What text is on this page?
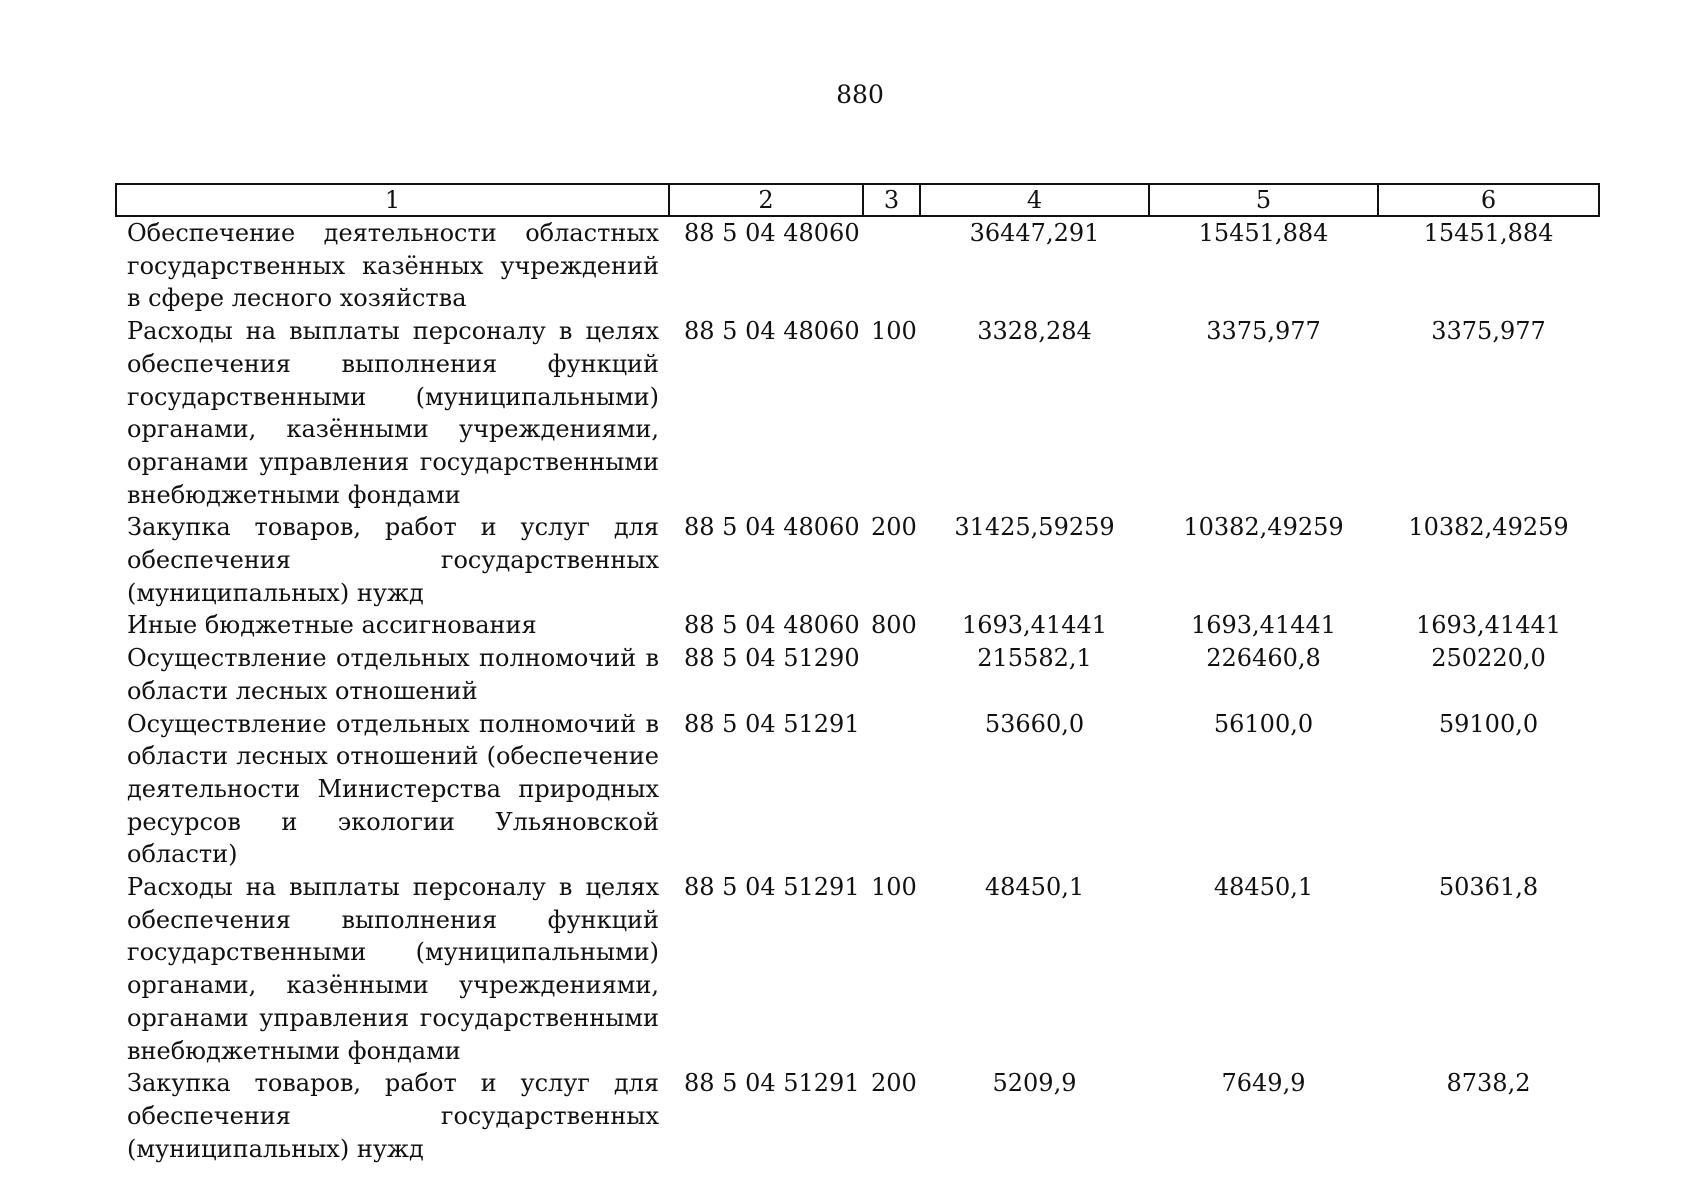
880
1	2	3	4	5	6
Обеспечение деятельности областных государственных казённых учреждений в сфере лесного хозяйства	88 5 04 48060		36447,291	15451,884	15451,884
Расходы на выплаты персоналу в целях обеспечения выполнения функций государственными (муниципальными) органами, казёнными учреждениями, органами управления государственными внебюджетными фондами	88 5 04 48060	100	3328,284	3375,977	3375,977
Закупка товаров, работ и услуг для обеспечения государственных (муниципальных) нужд	88 5 04 48060	200	31425,59259	10382,49259	10382,49259
Иные бюджетные ассигнования	88 5 04 48060	800	1693,41441	1693,41441	1693,41441
Осуществление отдельных полномочий в области лесных отношений	88 5 04 51290		215582,1	226460,8	250220,0
Осуществление отдельных полномочий в области лесных отношений (обеспечение деятельности Министерства природных ресурсов и экологии Ульяновской области)	88 5 04 51291		53660,0	56100,0	59100,0
Расходы на выплаты персоналу в целях обеспечения выполнения функций государственными (муниципальными) органами, казёнными учреждениями, органами управления государственными внебюджетными фондами	88 5 04 51291	100	48450,1	48450,1	50361,8
Закупка товаров, работ и услуг для обеспечения государственных (муниципальных) нужд	88 5 04 51291	200	5209,9	7649,9	8738,2
